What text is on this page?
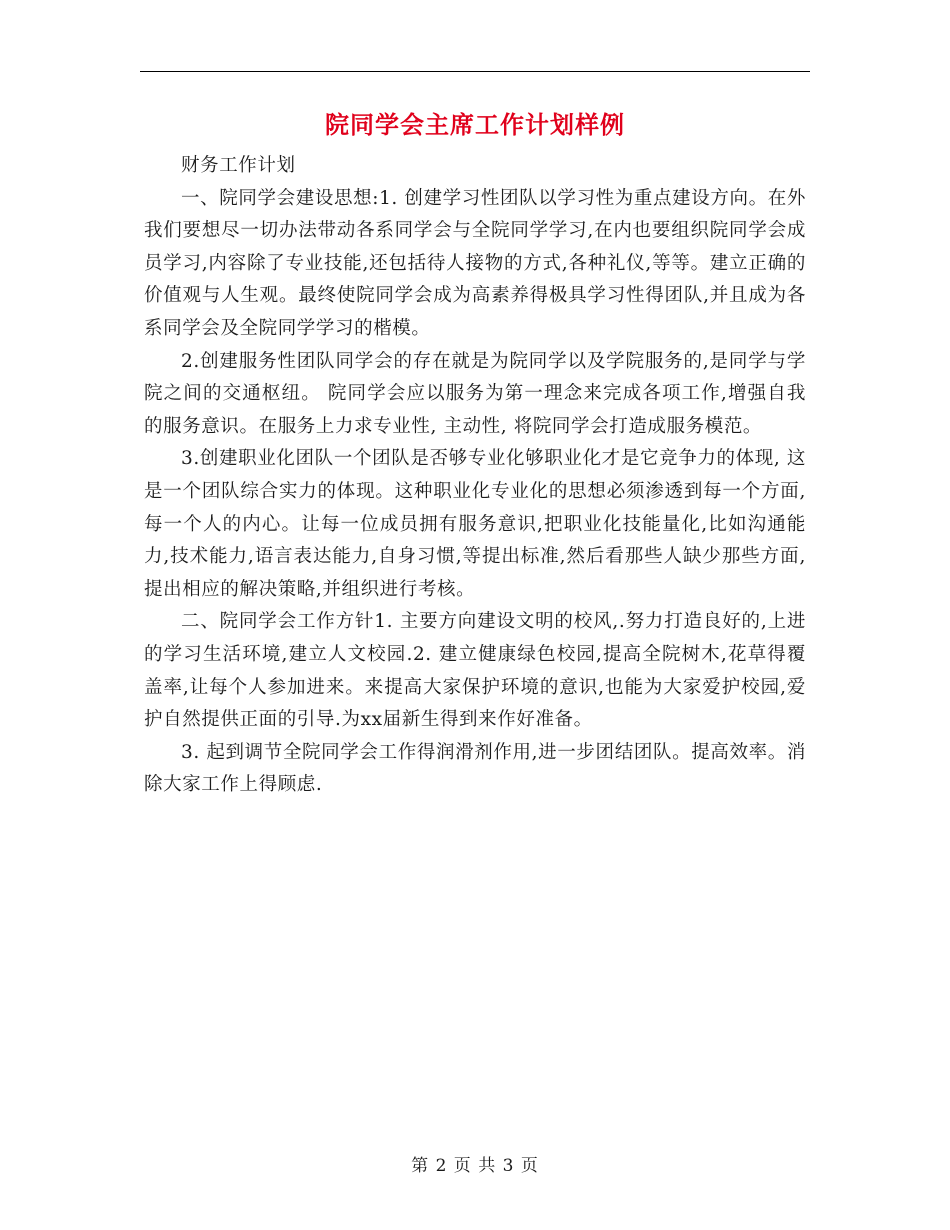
院同学会主席工作计划样例

财务工作计划

一、院同学会建设思想:1. 创建学习性团队以学习性为重点建设方向。在外我们要想尽一切办法带动各系同学会与全院同学学习,在内也要组织院同学会成员学习,内容除了专业技能,还包括待人接物的方式,各种礼仪,等等。建立正确的价值观与人生观。最终使院同学会成为高素养得极具学习性得团队,并且成为各系同学会及全院同学学习的楷模。

2.创建服务性团队同学会的存在就是为院同学以及学院服务的,是同学与学院之间的交通枢纽。 院同学会应以服务为第一理念来完成各项工作,增强自我的服务意识。在服务上力求专业性, 主动性, 将院同学会打造成服务模范。

3.创建职业化团队一个团队是否够专业化够职业化才是它竞争力的体现, 这是一个团队综合实力的体现。这种职业化专业化的思想必须渗透到每一个方面, 每一个人的内心。让每一位成员拥有服务意识,把职业化技能量化,比如沟通能力,技术能力,语言表达能力,自身习惯,等提出标准,然后看那些人缺少那些方面,提出相应的解决策略,并组织进行考核。

二、院同学会工作方针1. 主要方向建设文明的校风,.努力打造良好的,上进的学习生活环境,建立人文校园.2. 建立健康绿色校园,提高全院树木,花草得覆盖率,让每个人参加进来。来提高大家保护环境的意识,也能为大家爱护校园,爱护自然提供正面的引导.为xx届新生得到来作好准备。

3. 起到调节全院同学会工作得润滑剂作用,进一步团结团队。提高效率。消除大家工作上得顾虑.

第 2 页 共 3 页
